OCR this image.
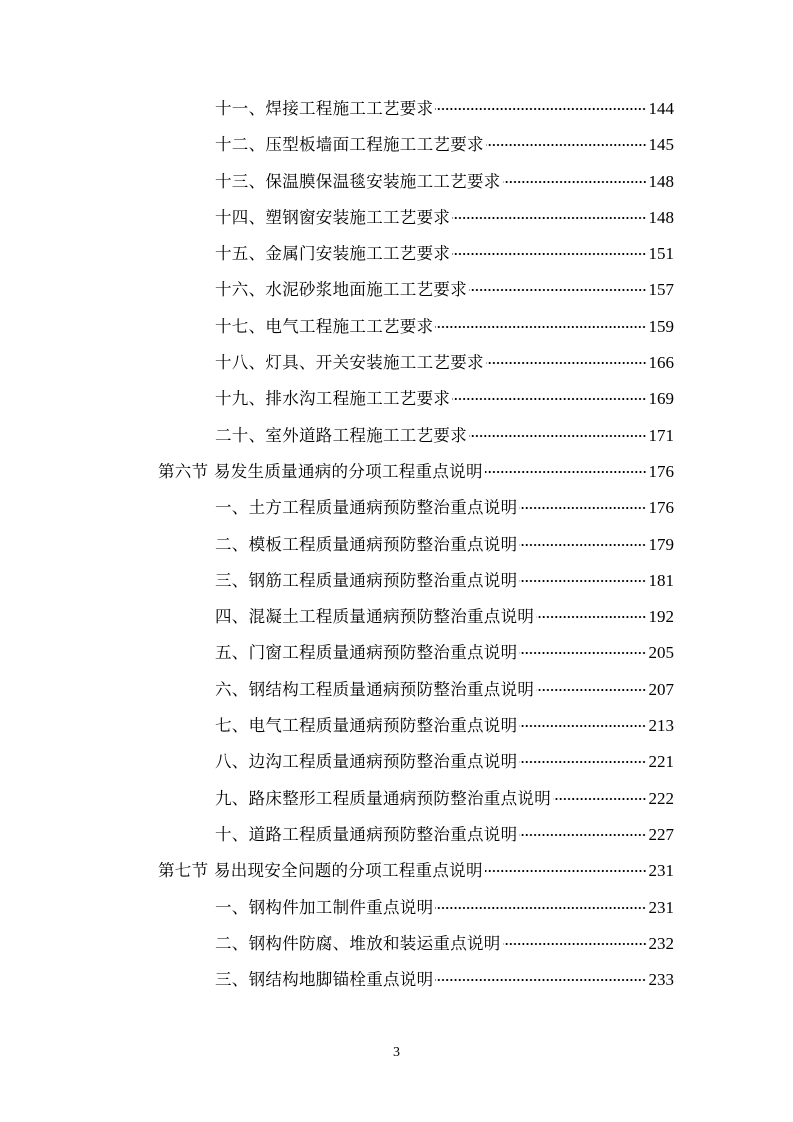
十一、焊接工程施工工艺要求	144
十二、压型板墙面工程施工工艺要求	145
十三、保温膜保温毯安装施工工艺要求	148
十四、塑钢窗安装施工工艺要求	148
十五、金属门安装施工工艺要求	151
十六、水泥砂浆地面施工工艺要求	157
十七、电气工程施工工艺要求	159
十八、灯具、开关安装施工工艺要求	166
十九、排水沟工程施工工艺要求	169
二十、室外道路工程施工工艺要求	171
第六节 易发生质量通病的分项工程重点说明	176
一、土方工程质量通病预防整治重点说明	176
二、模板工程质量通病预防整治重点说明	179
三、钢筋工程质量通病预防整治重点说明	181
四、混凝土工程质量通病预防整治重点说明	192
五、门窗工程质量通病预防整治重点说明	205
六、钢结构工程质量通病预防整治重点说明	207
七、电气工程质量通病预防整治重点说明	213
八、边沟工程质量通病预防整治重点说明	221
九、路床整形工程质量通病预防整治重点说明	222
十、道路工程质量通病预防整治重点说明	227
第七节 易出现安全问题的分项工程重点说明	231
一、钢构件加工制件重点说明	231
二、钢构件防腐、堆放和装运重点说明	232
三、钢结构地脚锚栓重点说明	233
3
